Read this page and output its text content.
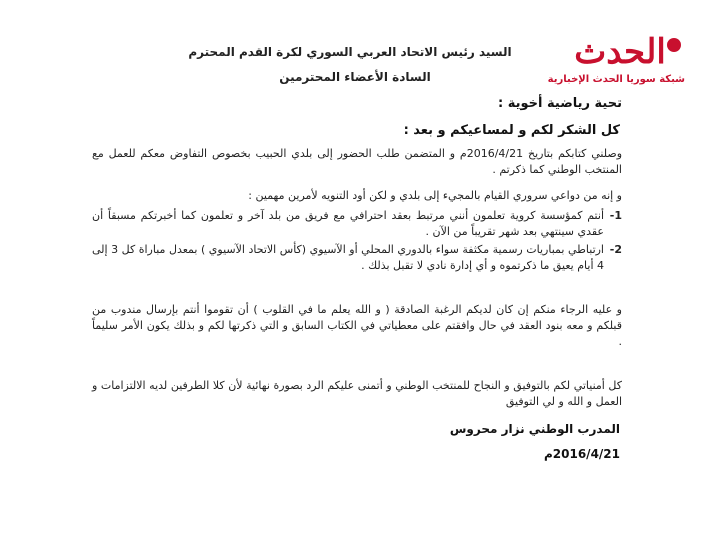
الحدث
شبكة سوريا الحدث الإخبارية
السيد رئيس الاتحاد العربي السوري لكرة القدم المحترم
السادة الأعضاء المحترمين
تحية رياضية أخوية :
كل الشكر لكم و لمساعيكم و بعد :
وصلني كتابكم بتاريخ 2016/4/21م و المتضمن طلب الحضور إلى بلدي الحبيب بخصوص التفاوض معكم للعمل مع المنتخب الوطني كما ذكرتم .
و إنه من دواعي سروري القيام بالمجيء إلى بلدي و لكن أود التنويه لأمرين مهمين :
1-
أنتم كمؤسسة كروية تعلمون أنني مرتبط بعقد احترافي مع فريق من بلد آخر و تعلمون كما أخبرتكم مسبقاً أن عقدي سينتهي بعد شهر تقريباً من الآن .
2-
ارتباطي بمباريات رسمية مكثفة سواء بالدوري المحلي أو الآسيوي (كأس الاتحاد الآسيوي ) بمعدل مباراة كل 3 إلى 4 أيام يعيق ما ذكرتموه و أي إدارة نادي لا تقبل بذلك .
و عليه الرجاء منكم إن كان لديكم الرغبة الصادقة ( و الله يعلم ما في القلوب ) أن تقوموا أنتم بإرسال مندوب من قبلكم و معه بنود العقد في حال وافقتم على معطياتي في الكتاب السابق و التي ذكرتها لكم و بذلك يكون الأمر سليماً .
كل أمنياتي لكم بالتوفيق و النجاح للمنتخب الوطني و أتمنى عليكم الرد بصورة نهائية لأن كلا الطرفين لديه الالتزامات و العمل و الله و لي التوفيق
المدرب الوطني نزار محروس
2016/4/21م
